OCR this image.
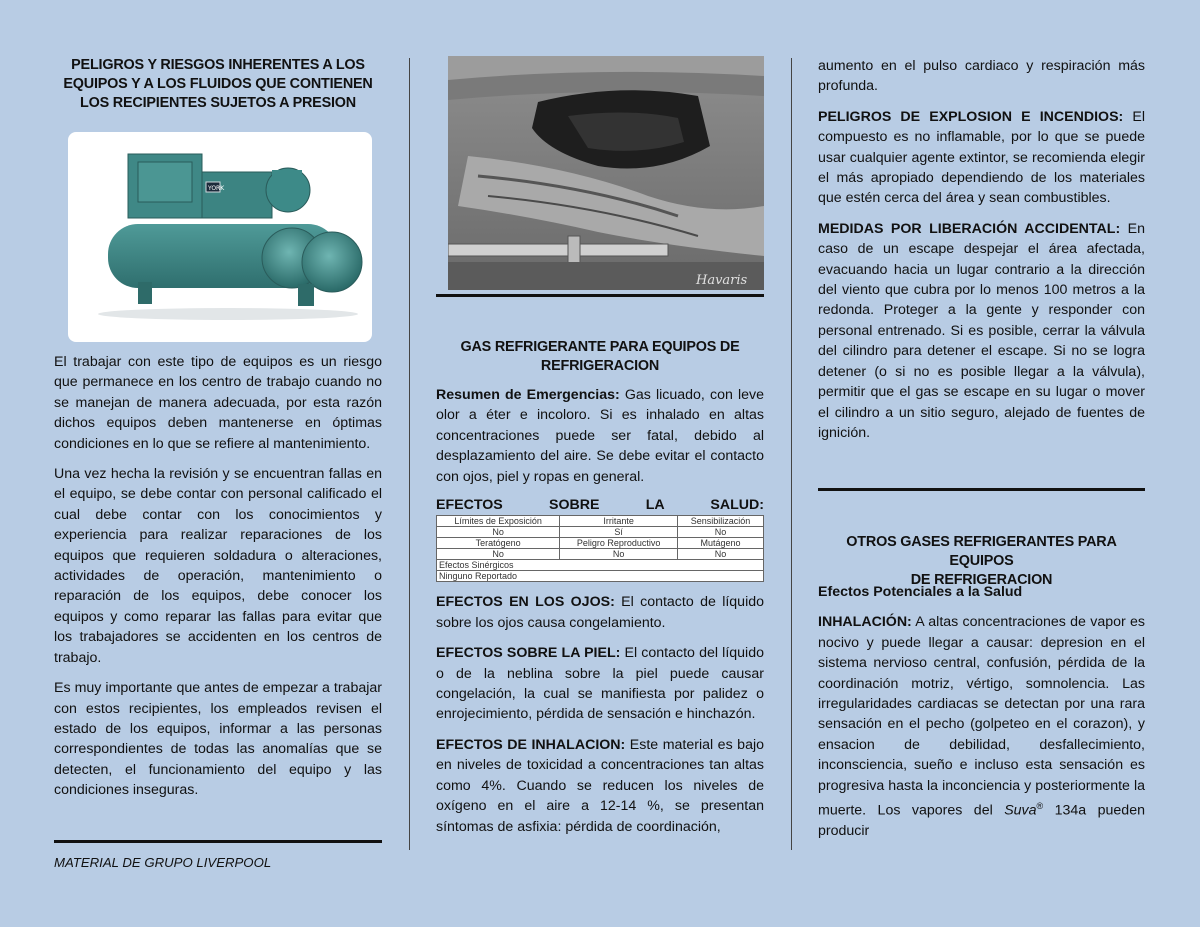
PELIGROS Y RIESGOS INHERENTES A LOS
EQUIPOS Y A LOS FLUIDOS QUE CONTIENEN
LOS RECIPIENTES SUJETOS A PRESION
YORK

El trabajar con este tipo de equipos es un riesgo que permanece en los centro de trabajo cuando no se manejan de manera adecuada, por esta razón dichos equipos deben mantenerse en óptimas condiciones en lo que se refiere al mantenimiento.

Una vez hecha la revisión y se encuentran fallas en el equipo, se debe contar con personal calificado el cual debe contar con los conocimientos y experiencia para realizar reparaciones de los equipos que requieren soldadura o alteraciones, actividades de operación, mantenimiento o reparación de los equipos, debe conocer los equipos y como reparar las fallas para evitar que los trabajadores se accidenten en los centros de trabajo.

Es muy importante que antes de empezar a trabajar con estos recipientes, los empleados revisen el estado de los equipos, informar a las personas correspondientes de todas las anomalías que se detecten, el funcionamiento del equipo y las condiciones inseguras.

MATERIAL DE GRUPO LIVERPOOL
Havaris
GAS REFRIGERANTE PARA EQUIPOS DE
REFRIGERACION

Resumen de Emergencias: Gas licuado, con leve olor a éter e incoloro. Si es inhalado en altas concentraciones puede ser fatal, debido al desplazamiento del aire. Se debe evitar el contacto con ojos, piel y ropas en general.

EFECTOS SOBRE LA SALUD:
Límites de Exposición	Irritante	Sensibilización
No	Sí	No
Teratógeno	Peligro Reproductivo	Mutágeno
No	No	No
Efectos Sinérgicos		
Ninguno Reportado		

EFECTOS EN LOS OJOS: El contacto de líquido sobre los ojos causa congelamiento.

EFECTOS SOBRE LA PIEL: El contacto del líquido o de la neblina sobre la piel puede causar congelación, la cual se manifiesta por palidez o enrojecimiento, pérdida de sensación e hinchazón.

EFECTOS DE INHALACION: Este material es bajo en niveles de toxicidad a concentraciones tan altas como 4%. Cuando se reducen los niveles de oxígeno en el aire a 12-14 %, se presentan síntomas de asfixia: pérdida de coordinación,

aumento en el pulso cardiaco y respiración más profunda.

PELIGROS DE EXPLOSION E INCENDIOS: El compuesto es no inflamable, por lo que se puede usar cualquier agente extintor, se recomienda elegir el más apropiado dependiendo de los materiales que estén cerca del área y sean combustibles.

MEDIDAS POR LIBERACIÓN ACCIDENTAL: En caso de un escape despejar el área afectada, evacuando hacia un lugar contrario a la dirección del viento que cubra por lo menos 100 metros a la redonda. Proteger a la gente y responder con personal entrenado. Si es posible, cerrar la válvula del cilindro para detener el escape. Si no se logra detener (o si no es posible llegar a la válvula), permitir que el gas se escape en su lugar o mover el cilindro a un sitio seguro, alejado de fuentes de ignición.

OTROS GASES REFRIGERANTES PARA EQUIPOS
DE REFRIGERACION
Efectos Potenciales a la Salud

INHALACIÓN: A altas concentraciones de vapor es nocivo y puede llegar a causar: depresion en el sistema nervioso central, confusión, pérdida de la coordinación motriz, vértigo, somnolencia. Las irregularidades cardiacas se detectan por una rara sensación en el pecho (golpeteo en el corazon), y ensacion de debilidad, desfallecimiento, inconsciencia, sueño e incluso esta sensación es progresiva hasta la inconciencia y posteriormente la muerte. Los vapores del Suva® 134a pueden producir
